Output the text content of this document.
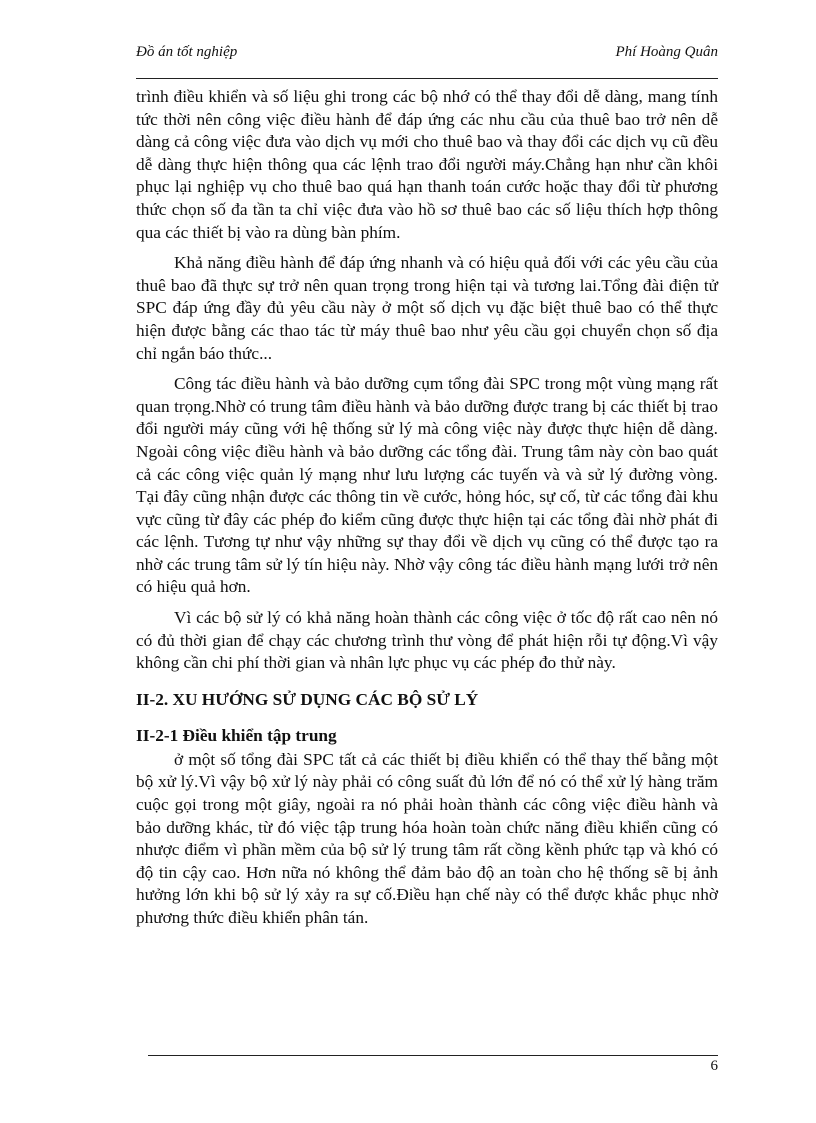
Đồ án tốt nghiệp	Phí Hoàng Quân

trình điều khiển và số liệu ghi trong các bộ nhớ có thể thay đổi dễ dàng, mang tính tức thời nên công việc điều hành để đáp ứng các nhu cầu của thuê bao trở nên dễ dàng cả công việc đưa vào dịch vụ mới cho thuê bao và thay đổi các dịch vụ cũ đều dễ dàng thực hiện thông qua các lệnh trao đổi người máy.Chẳng hạn như cần khôi phục lại nghiệp vụ cho thuê bao quá hạn thanh toán cước hoặc thay đổi từ phương thức chọn số đa tần ta chỉ việc đưa vào hồ sơ thuê bao các số liệu thích hợp thông qua các thiết bị vào ra dùng bàn phím.

Khả năng điều hành để đáp ứng nhanh và có hiệu quả đối với các yêu cầu của thuê bao đã thực sự trở nên quan trọng trong hiện tại và tương lai.Tổng đài điện tử SPC đáp ứng đầy đủ yêu cầu này ở một số dịch vụ đặc biệt thuê bao có thể thực hiện được bằng các thao tác từ máy thuê bao như yêu cầu gọi chuyển chọn số địa chỉ ngắn báo thức...

Công tác điều hành và bảo dưỡng cụm tổng đài SPC trong một vùng mạng rất quan trọng.Nhờ có trung tâm điều hành và bảo dưỡng được trang bị các thiết bị trao đổi người máy cũng với hệ thống sử lý mà công việc này được thực hiện dễ dàng. Ngoài công việc điều hành và bảo dưỡng các tổng đài. Trung tâm này còn bao quát cả các công việc quản lý mạng như lưu lượng các tuyến và và sử lý đường vòng. Tại đây cũng nhận được các thông tin về cước, hỏng hóc, sự cố, từ các tổng đài khu vực cũng từ đây các phép đo kiểm cũng được thực hiện tại các tổng đài nhờ phát đi các lệnh. Tương tự như vậy những sự thay đổi về dịch vụ cũng có thể được tạo ra nhờ các trung tâm sử lý tín hiệu này. Nhờ vậy công tác điều hành mạng lưới trở nên có hiệu quả hơn.

Vì các bộ sử lý có khả năng hoàn thành các công việc ở tốc độ rất cao nên nó có đủ thời gian để chạy các chương trình thư vòng để phát hiện rỗi tự động.Vì vậy không cần chi phí thời gian và nhân lực phục vụ các phép đo thử này.

II-2. XU HƯỚNG SỬ DỤNG CÁC BỘ SỬ LÝ
II-2-1 Điều khiển tập trung

ở một số tổng đài SPC tất cả các thiết bị điều khiển có thể thay thế bằng một bộ xử lý.Vì vậy bộ xử lý này phải có công suất đủ lớn để nó có thể xử lý hàng trăm cuộc gọi trong một giây, ngoài ra nó phải hoàn thành các công việc điều hành và bảo dưỡng khác, từ đó việc tập trung hóa hoàn toàn chức năng điều khiển cũng có nhược điểm vì phần mềm của bộ sử lý trung tâm rất cồng kềnh phức tạp và khó có độ tin cậy cao. Hơn nữa nó không thể đảm bảo độ an toàn cho hệ thống sẽ bị ảnh hưởng lớn khi bộ sử lý xảy ra sự cố.Điều hạn chế này có thể được khắc phục nhờ phương thức điều khiển phân tán.

6
